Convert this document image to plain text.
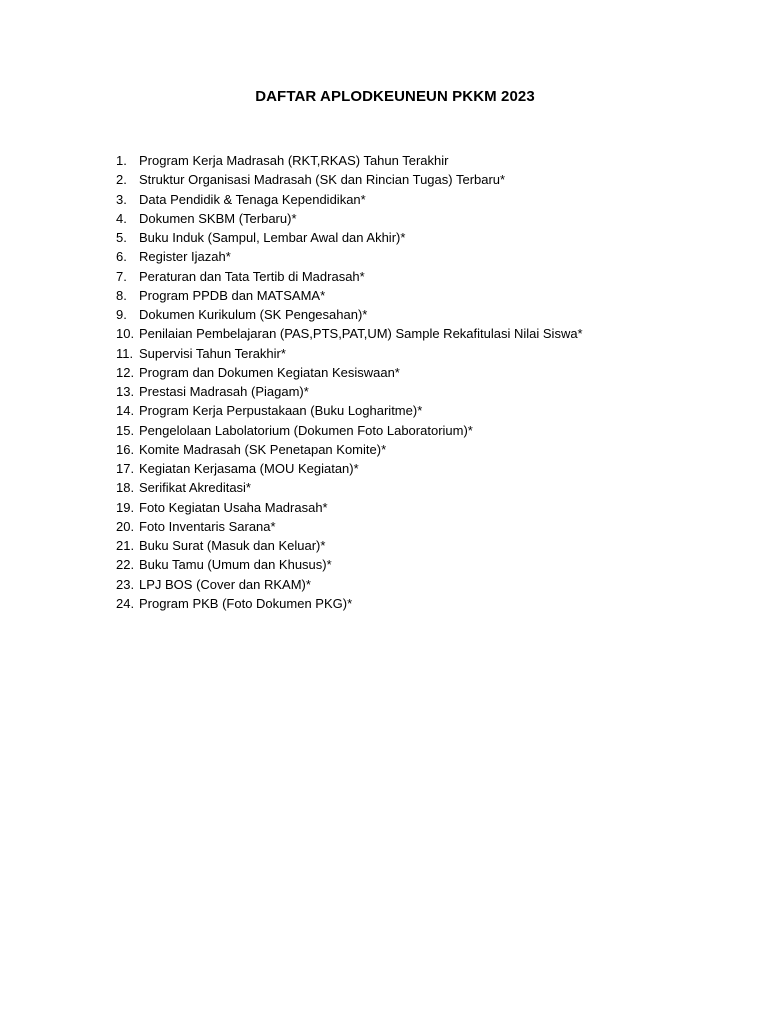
DAFTAR APLODKEUNEUN PKKM 2023
1. Program Kerja Madrasah (RKT,RKAS) Tahun Terakhir
2. Struktur Organisasi Madrasah (SK dan Rincian Tugas) Terbaru*
3. Data Pendidik & Tenaga Kependidikan*
4. Dokumen SKBM (Terbaru)*
5. Buku Induk (Sampul, Lembar Awal dan Akhir)*
6. Register Ijazah*
7. Peraturan dan Tata Tertib di Madrasah*
8. Program PPDB dan MATSAMA*
9. Dokumen Kurikulum (SK Pengesahan)*
10. Penilaian Pembelajaran (PAS,PTS,PAT,UM) Sample Rekafitulasi Nilai Siswa*
11. Supervisi Tahun Terakhir*
12. Program dan Dokumen Kegiatan Kesiswaan*
13. Prestasi Madrasah (Piagam)*
14. Program Kerja Perpustakaan (Buku Logharitme)*
15. Pengelolaan Labolatorium (Dokumen Foto Laboratorium)*
16. Komite Madrasah (SK Penetapan Komite)*
17. Kegiatan Kerjasama (MOU Kegiatan)*
18. Serifikat Akreditasi*
19. Foto Kegiatan Usaha Madrasah*
20. Foto Inventaris Sarana*
21. Buku Surat (Masuk dan Keluar)*
22. Buku Tamu (Umum dan Khusus)*
23. LPJ BOS (Cover dan RKAM)*
24. Program PKB (Foto Dokumen PKG)*
